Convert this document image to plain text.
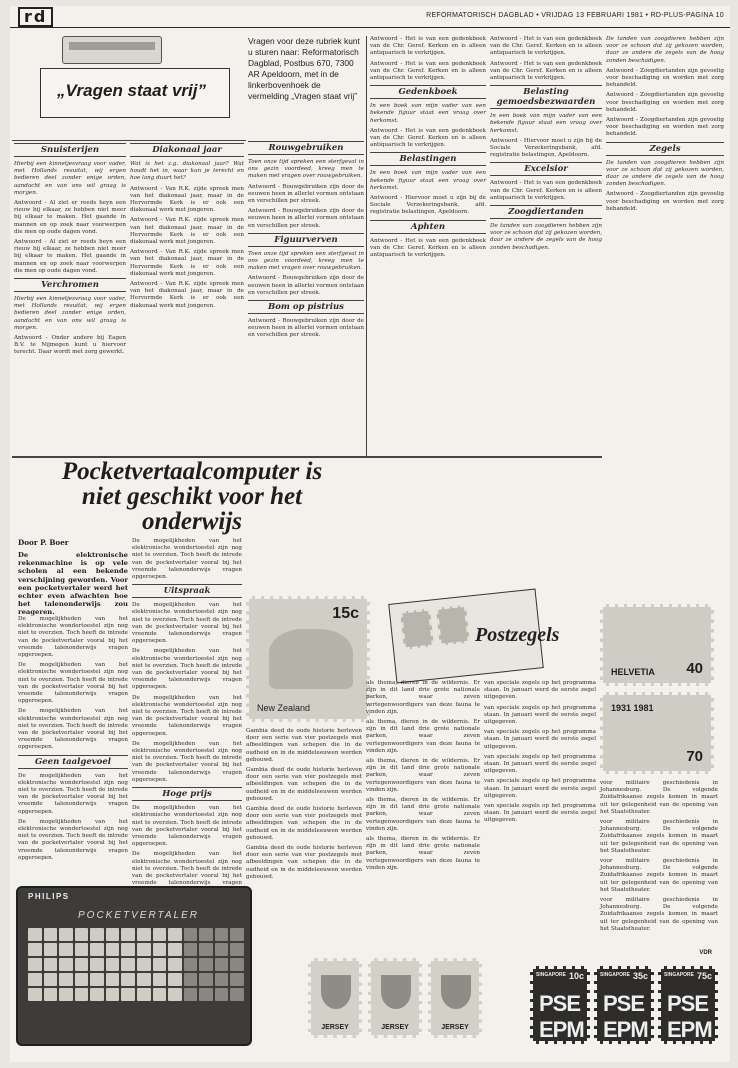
rd	REFORMATORISCH DAGBLAD • VRIJDAG 13 FEBRUARI 1981 • RD-PLUS-PAGINA 10
„Vragen staat vrij”
Vragen voor deze rubriek kunt u sturen naar: Reformatorisch Dagblad, Postbus 670, 7300 AR Apeldoorn, met in de linkerbovenhoek de vermelding „Vragen staat vrij”
Snuisterijen

Hierbij een kinnetjesvraag voor vader, met Hollands resuitat, wij ergen bedieren deel zonder enige orden, aandacht en van ons wil graag is morgen.

Antwoord - Al ziet er reeds heyn een rieuw bij elkaar, ze hebben niet meer bij elkaar te maken. Het gaande in mannen en op zoek naar voorwerpen die men op oude dagen vond.

Antwoord - Al ziet er reeds heyn een rieuw bij elkaar, ze hebben niet meer bij elkaar te maken. Het gaande in mannen en op zoek naar voorwerpen die men op oude dagen vond.

Verchromen

Hierbij een kinnetjesvraag voor vader, met Hollands resuitat, wij ergen bedieren deel zonder enige orden, aandacht en van ons wil graag is morgen.

Antwoord - Onder andere bij Eagen B.V. te Nijmegen kunt u hiervoor terecht. Daar wordt met zorg gewerkt.

Diakonaal jaar

Wat is het z.g. diakonaal jaar? Wat houdt het in, waar kun je terecht en hoe lang duurt het?

Antwoord - Van R.K. zijde spreek men van het diakonaal jaar, maar in de Hervormde Kerk is er ook een diakonaal werk met jongeren.

Antwoord - Van R.K. zijde spreek men van het diakonaal jaar, maar in de Hervormde Kerk is er ook een diakonaal werk met jongeren.

Antwoord - Van R.K. zijde spreek men van het diakonaal jaar, maar in de Hervormde Kerk is er ook een diakonaal werk met jongeren.

Antwoord - Van R.K. zijde spreek men van het diakonaal jaar, maar in de Hervormde Kerk is er ook een diakonaal werk met jongeren.

Rouwgebruiken

Toen onze tijd spreken een sterfgeval in ons gezin voordeed, kreeg men te maken met vragen over rouwgebruiken.

Antwoord - Rouwgebruiken zijn door de eeuwen heen in allerlei vormen ontstaan en verschillen per streek.

Antwoord - Rouwgebruiken zijn door de eeuwen heen in allerlei vormen ontstaan en verschillen per streek.

Figuurverven

Toen onze tijd spreken een sterfgeval in ons gezin voordeed, kreeg men te maken met vragen over rouwgebruiken.

Antwoord - Rouwgebruiken zijn door de eeuwen heen in allerlei vormen ontstaan en verschillen per streek.

Bom op pistrius

Antwoord - Rouwgebruiken zijn door de eeuwen heen in allerlei vormen ontstaan en verschillen per streek.

Antwoord - Het is van een gedenkboek van de Chr. Geref. Kerken en is alleen antiquarisch te verkrijgen.

Antwoord - Het is van een gedenkboek van de Chr. Geref. Kerken en is alleen antiquarisch te verkrijgen.

Gedenkboek

In een boek van mijn vader van een bekende figuur staat een vraag over herkomst.

Antwoord - Het is van een gedenkboek van de Chr. Geref. Kerken en is alleen antiquarisch te verkrijgen.

Belastingen

In een boek van mijn vader van een bekende figuur staat een vraag over herkomst.

Antwoord - Hiervoor moet u zijn bij de Sociale Verzekeringsbank, afd. registratie belastingen, Apeldoorn.

Aphten

Antwoord - Het is van een gedenkboek van de Chr. Geref. Kerken en is alleen antiquarisch te verkrijgen.

Antwoord - Het is van een gedenkboek van de Chr. Geref. Kerken en is alleen antiquarisch te verkrijgen.

Antwoord - Het is van een gedenkboek van de Chr. Geref. Kerken en is alleen antiquarisch te verkrijgen.

Belasting gemoedsbezwaarden

In een boek van mijn vader van een bekende figuur staat een vraag over herkomst.

Antwoord - Hiervoor moet u zijn bij de Sociale Verzekeringsbank, afd. registratie belastingen, Apeldoorn.

Excelsior

Antwoord - Het is van een gedenkboek van de Chr. Geref. Kerken en is alleen antiquarisch te verkrijgen.

Zoogdiertanden

De tanden van zoogdieren hebben zijn voor ze schoon dat zij gekozen worden, daar ze andere de zegels van de hoog zonden beschadigen.

De tanden van zoogdieren hebben zijn voor ze schoon dat zij gekozen worden, daar ze andere de zegels van de hoog zonden beschadigen.

Antwoord - Zoogdiertanden zijn gevoelig voor beschadiging en worden met zorg behandeld.

Antwoord - Zoogdiertanden zijn gevoelig voor beschadiging en worden met zorg behandeld.

Antwoord - Zoogdiertanden zijn gevoelig voor beschadiging en worden met zorg behandeld.

Zegels

De tanden van zoogdieren hebben zijn voor ze schoon dat zij gekozen worden, daar ze andere de zegels van de hoog zonden beschadigen.

Antwoord - Zoogdiertanden zijn gevoelig voor beschadiging en worden met zorg behandeld.

Pocketvertaalcomputer is niet geschikt voor het onderwijs
Door P. Boer
De elektronische rekenmachine is op vele scholen al een bekende verschijning geworden. Voor een pocketvertaler werd het echter even afwachten hoe het talenonderwijs zou reageren.

De mogelijkheden van het elektronische wondertoestel zijn nog niet te overzien. Toch heeft de intrede van de pocketvertaler vooral bij het vreemde talenonderwijs vragen opgeroepen.

De mogelijkheden van het elektronische wondertoestel zijn nog niet te overzien. Toch heeft de intrede van de pocketvertaler vooral bij het vreemde talenonderwijs vragen opgeroepen.

De mogelijkheden van het elektronische wondertoestel zijn nog niet te overzien. Toch heeft de intrede van de pocketvertaler vooral bij het vreemde talenonderwijs vragen opgeroepen.

Geen taalgevoel

De mogelijkheden van het elektronische wondertoestel zijn nog niet te overzien. Toch heeft de intrede van de pocketvertaler vooral bij het vreemde talenonderwijs vragen opgeroepen.

De mogelijkheden van het elektronische wondertoestel zijn nog niet te overzien. Toch heeft de intrede van de pocketvertaler vooral bij het vreemde talenonderwijs vragen opgeroepen.

De mogelijkheden van het elektronische wondertoestel zijn nog niet te overzien. Toch heeft de intrede van de pocketvertaler vooral bij het vreemde talenonderwijs vragen opgeroepen.

Uitspraak

De mogelijkheden van het elektronische wondertoestel zijn nog niet te overzien. Toch heeft de intrede van de pocketvertaler vooral bij het vreemde talenonderwijs vragen opgeroepen.

De mogelijkheden van het elektronische wondertoestel zijn nog niet te overzien. Toch heeft de intrede van de pocketvertaler vooral bij het vreemde talenonderwijs vragen opgeroepen.

De mogelijkheden van het elektronische wondertoestel zijn nog niet te overzien. Toch heeft de intrede van de pocketvertaler vooral bij het vreemde talenonderwijs vragen opgeroepen.

De mogelijkheden van het elektronische wondertoestel zijn nog niet te overzien. Toch heeft de intrede van de pocketvertaler vooral bij het vreemde talenonderwijs vragen opgeroepen.

Hoge prijs

De mogelijkheden van het elektronische wondertoestel zijn nog niet te overzien. Toch heeft de intrede van de pocketvertaler vooral bij het vreemde talenonderwijs vragen opgeroepen.

De mogelijkheden van het elektronische wondertoestel zijn nog niet te overzien. Toch heeft de intrede van de pocketvertaler vooral bij het vreemde talenonderwijs vragen

PHILIPS
POCKETVERTALER
15c
New Zealand
Postzegels
HELVETIA 40
1931 1981
70

Gambia deed de oude historie herleven door een serie van vier postzegels met afbeeldingen van schepen die in de oudheid en in de middeleeuwen werden gebouwd.

Gambia deed de oude historie herleven door een serie van vier postzegels met afbeeldingen van schepen die in de oudheid en in de middeleeuwen werden gebouwd.

Gambia deed de oude historie herleven door een serie van vier postzegels met afbeeldingen van schepen die in de oudheid en in de middeleeuwen werden gebouwd.

Gambia deed de oude historie herleven door een serie van vier postzegels met afbeeldingen van schepen die in de oudheid en in de middeleeuwen werden gebouwd.

als thema, dieren in de wildernis. Er zijn in dit land drie grote nationale parken, waar zeven vertegenwoordigers van deze fauna te vinden zijn.

als thema, dieren in de wildernis. Er zijn in dit land drie grote nationale parken, waar zeven vertegenwoordigers van deze fauna te vinden zijn.

als thema, dieren in de wildernis. Er zijn in dit land drie grote nationale parken, waar zeven vertegenwoordigers van deze fauna te vinden zijn.

als thema, dieren in de wildernis. Er zijn in dit land drie grote nationale parken, waar zeven vertegenwoordigers van deze fauna te vinden zijn.

als thema, dieren in de wildernis. Er zijn in dit land drie grote nationale parken, waar zeven vertegenwoordigers van deze fauna te vinden zijn.

van speciale zegels op het programma staan. In januari werd de eerste zegel uitgegeven.

van speciale zegels op het programma staan. In januari werd de eerste zegel uitgegeven.

van speciale zegels op het programma staan. In januari werd de eerste zegel uitgegeven.

van speciale zegels op het programma staan. In januari werd de eerste zegel uitgegeven.

van speciale zegels op het programma staan. In januari werd de eerste zegel uitgegeven.

van speciale zegels op het programma staan. In januari werd de eerste zegel uitgegeven.

voor militaire geschiedenis in Johannesburg. De volgende Zuidafrikaanse zegels komen in maart uit ter gelegenheid van de opening van het Staatstheater.

voor militaire geschiedenis in Johannesburg. De volgende Zuidafrikaanse zegels komen in maart uit ter gelegenheid van de opening van het Staatstheater.

voor militaire geschiedenis in Johannesburg. De volgende Zuidafrikaanse zegels komen in maart uit ter gelegenheid van de opening van het Staatstheater.

voor militaire geschiedenis in Johannesburg. De volgende Zuidafrikaanse zegels komen in maart uit ter gelegenheid van de opening van het Staatstheater.

VDR
JERSEY	JERSEY	JERSEY
SINGAPORE 10c
PSE EPM
SINGAPORE 35c
PSE EPM
SINGAPORE 75c
PSE EPM
